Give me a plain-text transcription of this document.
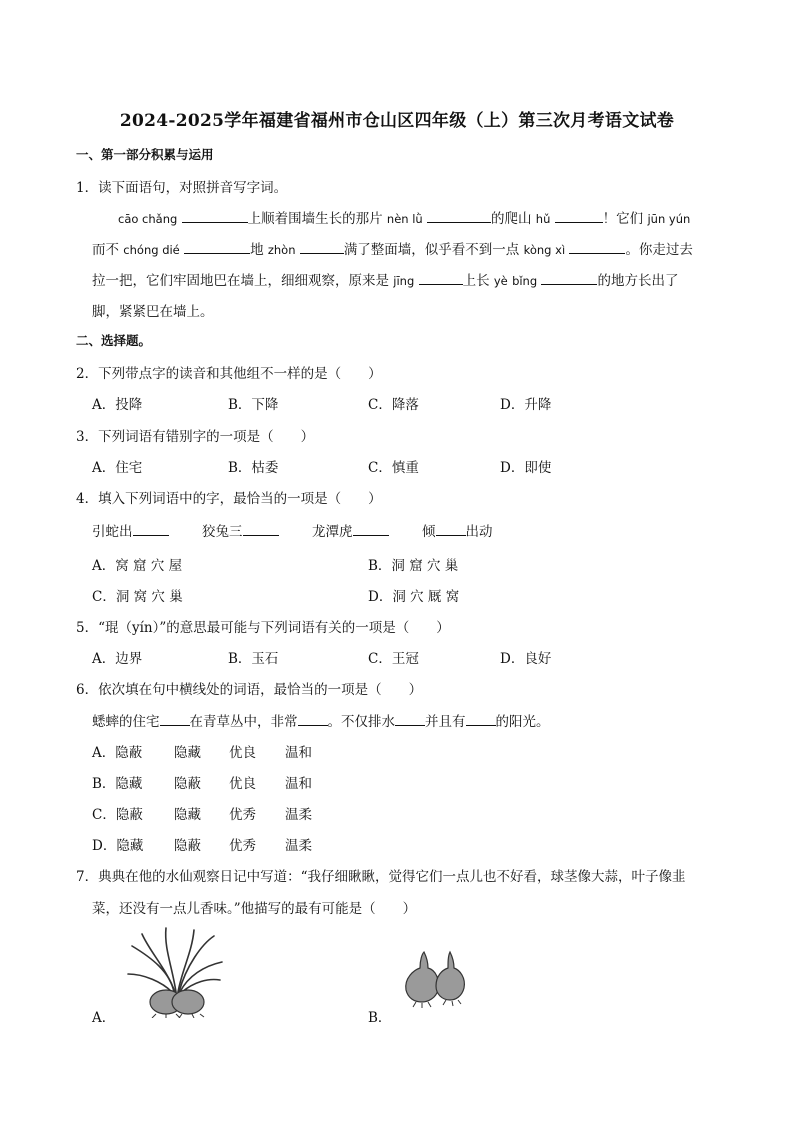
2024-2025学年福建省福州市仓山区四年级（上）第三次月考语文试卷
一、第一部分积累与运用
1．读下面语句，对照拼音写字词。
cāo chǎng	上顺着围墙生长的那片 nèn lǜ	的爬山 hǔ	！它们 jūn yún
而不 chóng dié	地 zhòn	满了整面墙，似乎看不到一点 kòng xì	。你走过去
拉一把，它们牢固地巴在墙上，细细观察，原来是 jīng	上长 yè bǐng	的地方长出了
脚，紧紧巴在墙上。
二、选择题。
2．下列带点字的读音和其他组不一样的是（　　）
A．投降	B．下降	C．降落	D．升降
3．下列词语有错别字的一项是（　　）
A．住宅	B．枯委	C．慎重	D．即使
4．填入下列词语中的字，最恰当的一项是（　　）
引蛇出	狡兔三	龙潭虎	倾 出动
A．窝 窟 穴 屋	B．洞 窟 穴 巢
C．洞 窝 穴 巢	D．洞 穴 厩 窝
5．“琨（yín）”的意思最可能与下列词语有关的一项是（　　）
A．边界	B．玉石	C．王冠	D．良好
6．依次填在句中横线处的词语，最恰当的一项是（　　）
蟋蟀的住宅 在青草丛中，非常 。不仅排水 并且有 的阳光。
A．隐蔽 隐藏 优良 温和
B．隐藏 隐蔽 优良 温和
C．隐蔽 隐藏 优秀 温柔
D．隐藏 隐蔽 优秀 温柔
7．典典在他的水仙观察日记中写道：“我仔细瞅瞅，觉得它们一点儿也不好看，球茎像大蒜，叶子像韭
菜，还没有一点儿香味。”他描写的最有可能是（　　）
A．	B．
